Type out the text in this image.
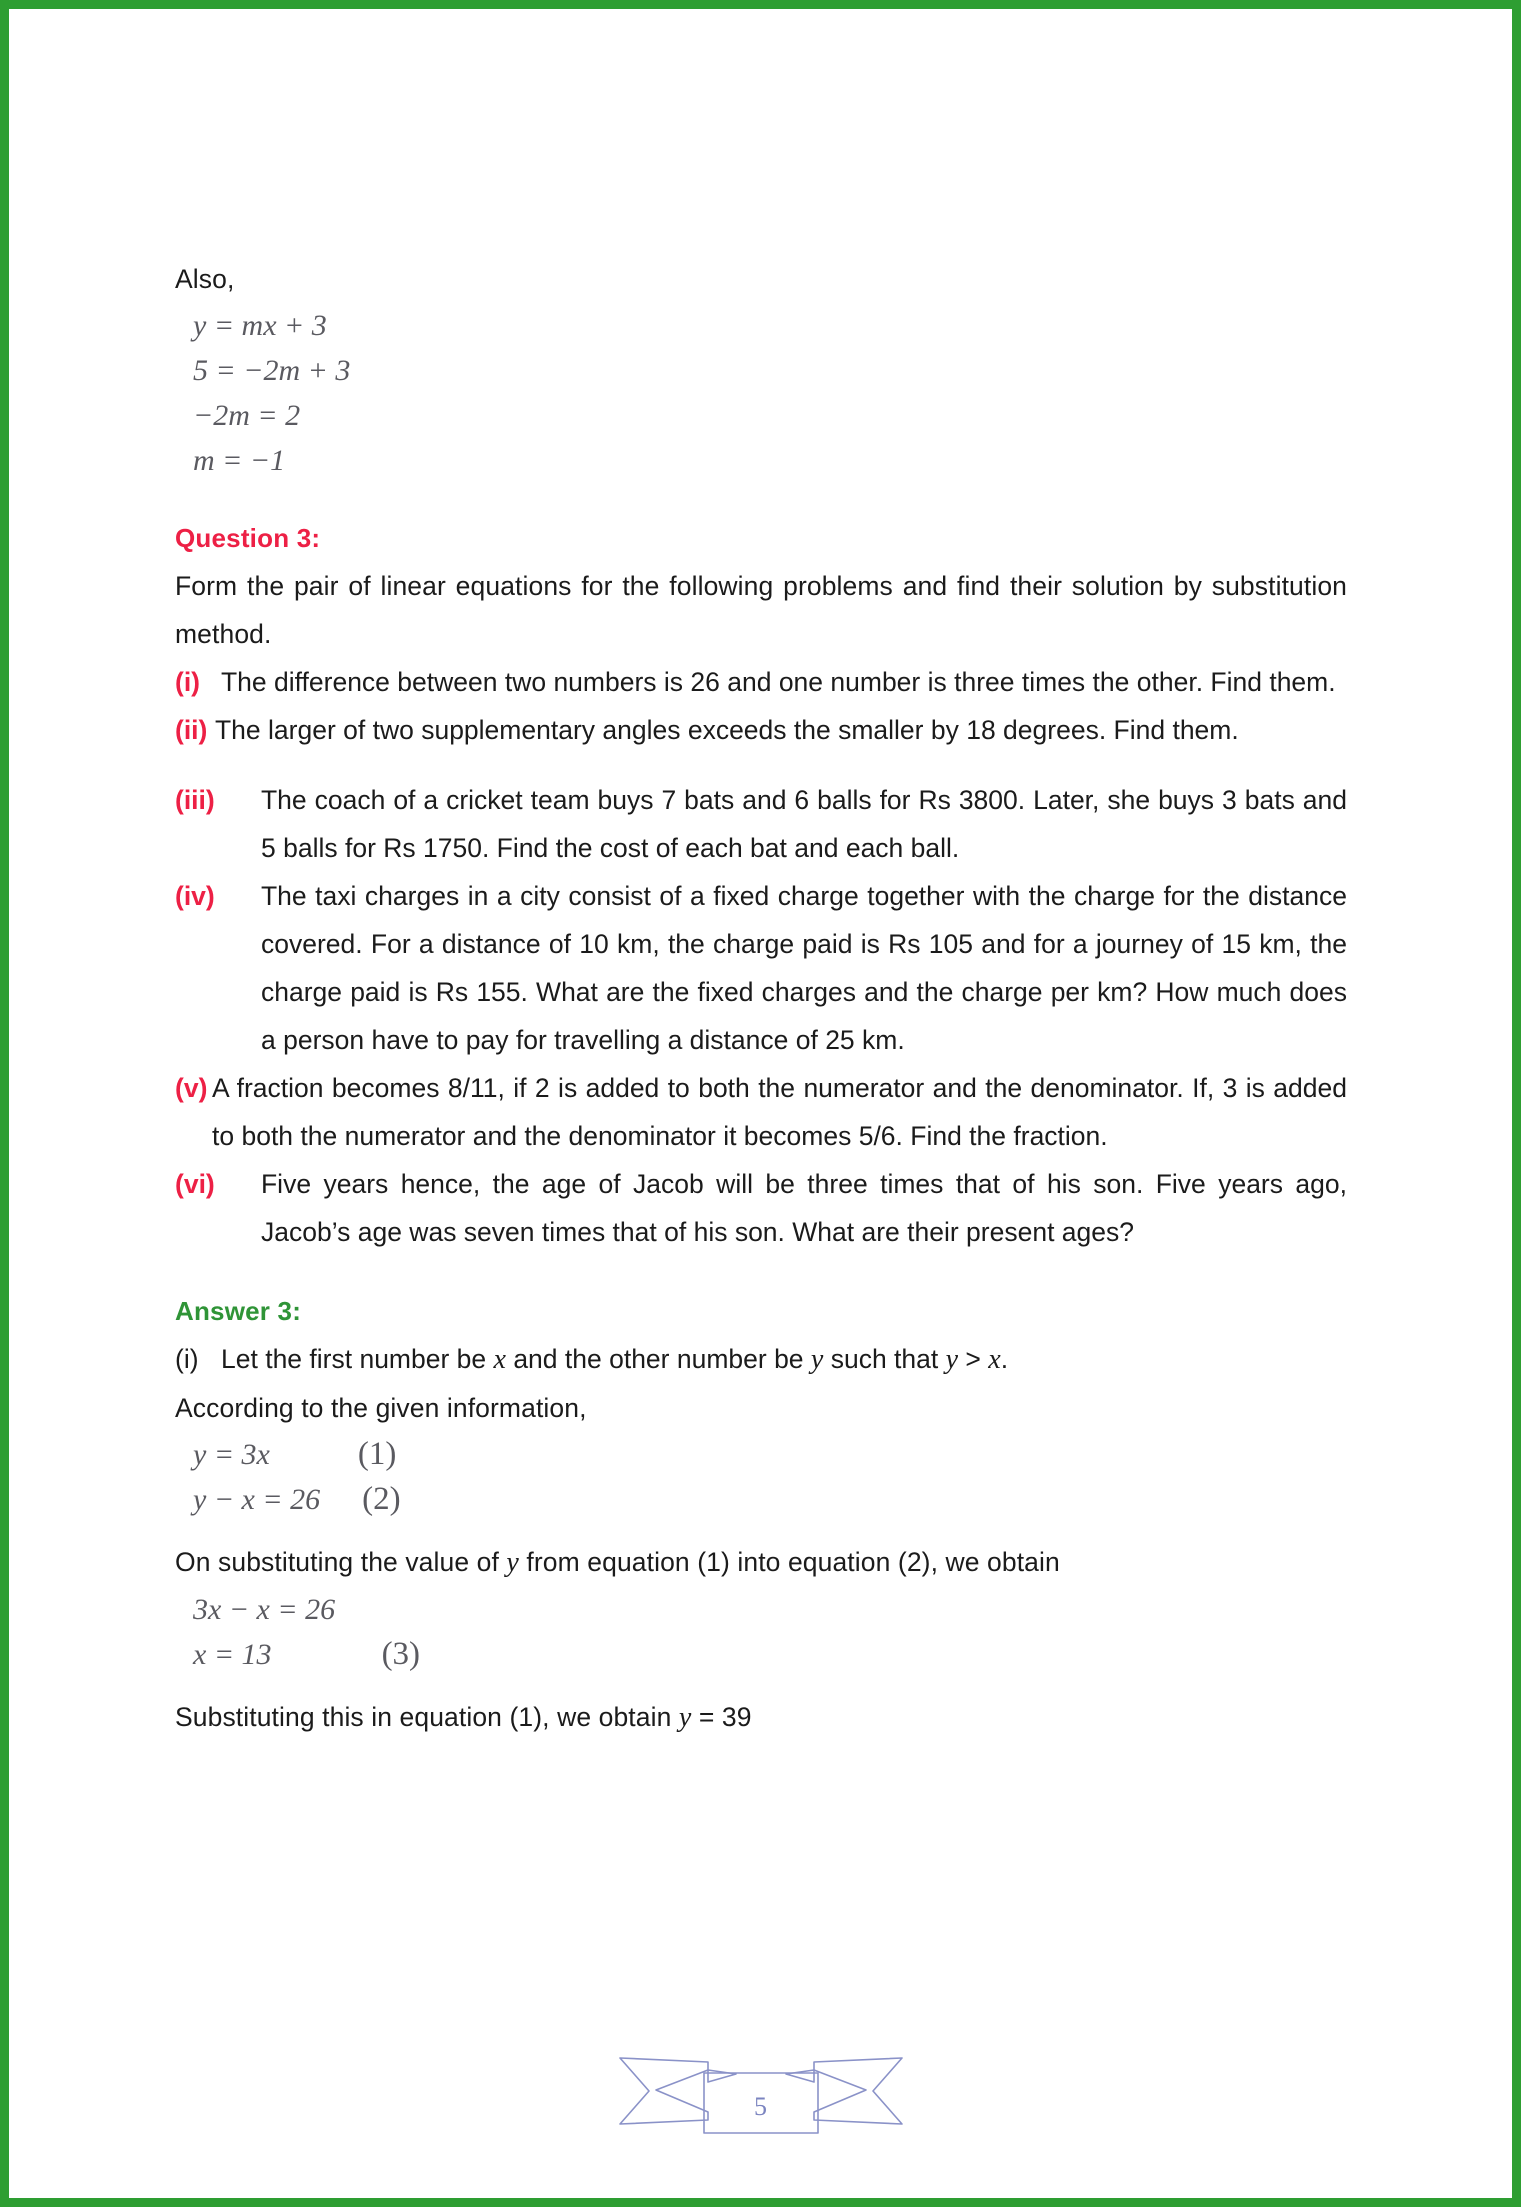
Also,

y = mx + 3
5 = −2m + 3
−2m = 2
m = −1

Question 3:

Form the pair of linear equations for the following problems and find their solution by substitution method.

(i) The difference between two numbers is 26 and one number is three times the other. Find them.
(ii) The larger of two supplementary angles exceeds the smaller by 18 degrees. Find them.
(iii)	The coach of a cricket team buys 7 bats and 6 balls for Rs 3800. Later, she buys 3 bats and 5 balls for Rs 1750. Find the cost of each bat and each ball.
(iv)	The taxi charges in a city consist of a fixed charge together with the charge for the distance covered. For a distance of 10 km, the charge paid is Rs 105 and for a journey of 15 km, the charge paid is Rs 155. What are the fixed charges and the charge per km? How much does a person have to pay for travelling a distance of 25 km.
(v) A fraction becomes 8/11, if 2 is added to both the numerator and the denominator. If, 3 is added to both the numerator and the denominator it becomes 5/6. Find the fraction.
(vi)	Five years hence, the age of Jacob will be three times that of his son. Five years ago, Jacob’s age was seven times that of his son. What are their present ages?

Answer 3:

(i) Let the first number be x and the other number be y such that y > x.

According to the given information,

y = 3x	(1)
y − x = 26 (2)

On substituting the value of y from equation (1) into equation (2), we obtain

3x − x = 26
x = 13	(3)

Substituting this in equation (1), we obtain y = 39

5
